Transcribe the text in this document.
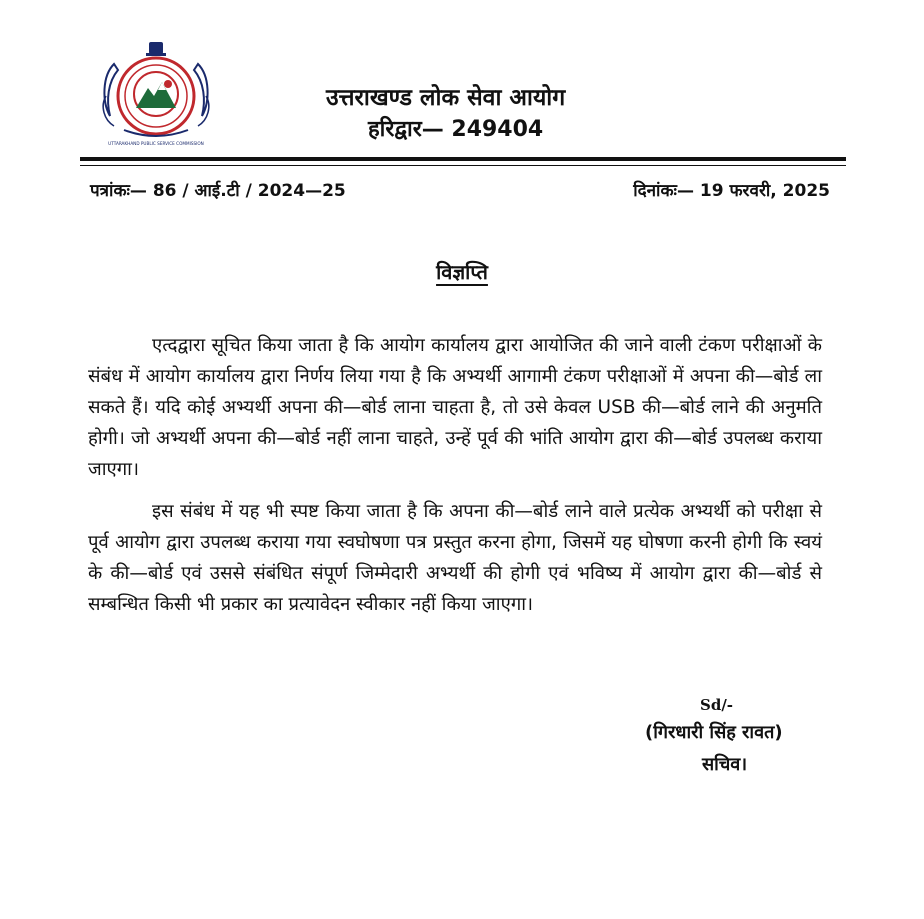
UTTARAKHAND PUBLIC SERVICE COMMISSION
उत्तराखण्ड लोक सेवा आयोग
हरिद्वार— 249404
पत्रांकः— 86 / आई.टी / 2024—25	दिनांकः— 19 फरवरी, 2025
विज्ञप्ति

एत्दद्वारा सूचित किया जाता है कि आयोग कार्यालय द्वारा आयोजित की जाने वाली टंकण परीक्षाओं के संबंध में आयोग कार्यालय द्वारा निर्णय लिया गया है कि अभ्यर्थी आगामी टंकण परीक्षाओं में अपना की—बोर्ड ला सकते हैं। यदि कोई अभ्यर्थी अपना की—बोर्ड लाना चाहता है, तो उसे केवल USB की—बोर्ड लाने की अनुमति होगी। जो अभ्यर्थी अपना की—बोर्ड नहीं लाना चाहते, उन्हें पूर्व की भांति आयोग द्वारा की—बोर्ड उपलब्ध कराया जाएगा।

इस संबंध में यह भी स्पष्ट किया जाता है कि अपना की—बोर्ड लाने वाले प्रत्येक अभ्यर्थी को परीक्षा से पूर्व आयोग द्वारा उपलब्ध कराया गया स्वघोषणा पत्र प्रस्तुत करना होगा, जिसमें यह घोषणा करनी होगी कि स्वयं के की—बोर्ड एवं उससे संबंधित संपूर्ण जिम्मेदारी अभ्यर्थी की होगी एवं भविष्य में आयोग द्वारा की—बोर्ड से सम्बन्धित किसी भी प्रकार का प्रत्यावेदन स्वीकार नहीं किया जाएगा।

Sd/-
(गिरधारी सिंह रावत)
सचिव।
